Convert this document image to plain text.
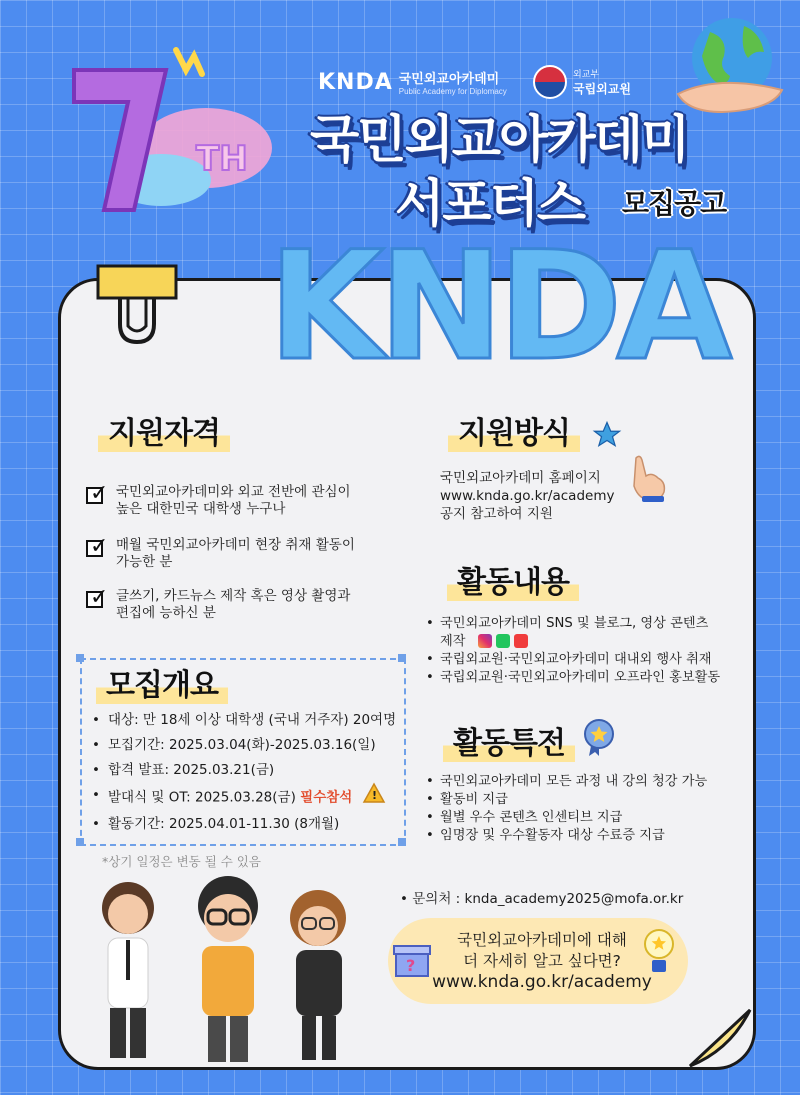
TH
KNDA 국민외교아카데미
Public Academy for Diplomacy
외교부
국립외교원
국민외교아카데미
서포터스 모집공고
KNDA
지원자격
✓ 국민외교아카데미와 외교 전반에 관심이
높은 대한민국 대학생 누구나
✓ 매월 국민외교아카데미 현장 취재 활동이
가능한 분
✓ 글쓰기, 카드뉴스 제작 혹은 영상 촬영과
편집에 능하신 분
지원방식
국민외교아카데미 홈페이지
www.knda.go.kr/academy
공지 참고하여 지원
활동내용
• 국민외교아카데미 SNS 및 블로그, 영상 콘텐츠
제작
• 국립외교원·국민외교아카데미 대내외 행사 취재
• 국립외교원·국민외교아카데미 오프라인 홍보활동
활동특전
• 국민외교아카데미 모든 과정 내 강의 청강 가능
• 활동비 지급
• 월별 우수 콘텐츠 인센티브 지급
• 임명장 및 우수활동자 대상 수료증 지급
모집개요
• 대상: 만 18세 이상 대학생 (국내 거주자) 20여명
• 모집기간: 2025.03.04(화)-2025.03.16(일)
• 합격 발표: 2025.03.21(금)
• 발대식 및 OT: 2025.03.28(금) 필수참석 !
• 활동기간: 2025.04.01-11.30 (8개월)
*상기 일정은 변동 될 수 있음
• 문의처 : knda_academy2025@mofa.or.kr
?
국민외교아카데미에 대해
더 자세히 알고 싶다면?
www.knda.go.kr/academy
